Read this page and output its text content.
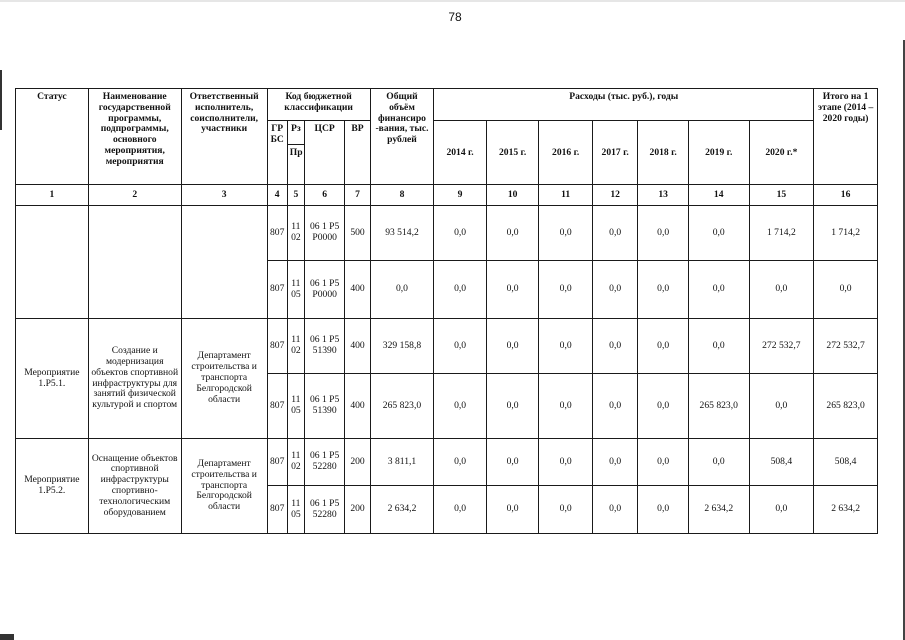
78
Статус	Наименование государственной программы, подпрограммы, основного мероприятия, мероприятия	Ответственный исполнитель, соисполнители, участники	Код бюджетной классификации				Общий объём финансиро -вания, тыс. рублей	Расходы (тыс. руб.), годы							Итого на 1 этапе (2014 – 2020 годы)
			ГР БС	Рз	ЦСР	ВР		2014 г.	2015 г.	2016 г.	2017 г.	2018 г.	2019 г.	2020 г.*	
				Пр											
1	2	3	4	5	6	7	8	9	10	11	12	13	14	15	16
			807	11 02	06 1 P5 P0000	500	93 514,2	0,0	0,0	0,0	0,0	0,0	0,0	1 714,2	1 714,2
			807	11 05	06 1 P5 P0000	400	0,0	0,0	0,0	0,0	0,0	0,0	0,0	0,0	0,0
Мероприятие 1.P5.1.	Создание и модернизация объектов спортивной инфраструктуры для занятий физической культурой и спортом	Департамент строительства и транспорта Белгородской области	807	11 02	06 1 P5 51390	400	329 158,8	0,0	0,0	0,0	0,0	0,0	0,0	272 532,7	272 532,7
			807	11 05	06 1 P5 51390	400	265 823,0	0,0	0,0	0,0	0,0	0,0	265 823,0	0,0	265 823,0
Мероприятие 1.P5.2.	Оснащение объектов спортивной инфраструктуры спортивно-технологическим оборудованием	Департамент строительства и транспорта Белгородской области	807	11 02	06 1 P5 52280	200	3 811,1	0,0	0,0	0,0	0,0	0,0	0,0	508,4	508,4
			807	11 05	06 1 P5 52280	200	2 634,2	0,0	0,0	0,0	0,0	0,0	2 634,2	0,0	2 634,2
